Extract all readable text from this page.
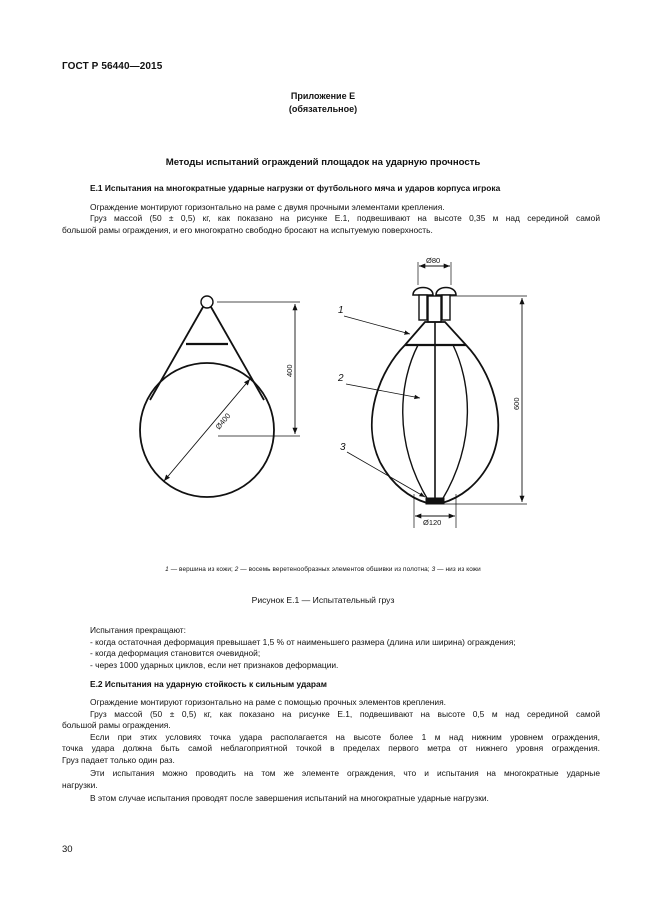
ГОСТ Р 56440—2015
Приложение Е
(обязательное)
Методы испытаний ограждений площадок на ударную прочность
Е.1 Испытания на многократные ударные нагрузки от футбольного мяча и ударов корпуса игрока
Ограждение монтируют горизонтально на раме с двумя прочными элементами крепления.
Груз массой (50 ± 0,5) кг, как показано на рисунке Е.1, подвешивают на высоте 0,35 м над серединой самой
большой рамы ограждения, и его многократно свободно бросают на испытуемую поверхность.
Ø400
400
Ø80
600
Ø120
1
2
3
1 — вершина из кожи; 2 — восемь веретенообразных элементов обшивки из полотна; 3 — низ из кожи
Рисунок Е.1 — Испытательный груз
Испытания прекращают:
- когда остаточная деформация превышает 1,5 % от наименьшего размера (длина или ширина) ограждения;
- когда деформация становится очевидной;
- через 1000 ударных циклов, если нет признаков деформации.
Е.2 Испытания на ударную стойкость к сильным ударам
Ограждение монтируют горизонтально на раме с помощью прочных элементов крепления.
Груз массой (50 ± 0,5) кг, как показано на рисунке Е.1, подвешивают на высоте 0,5 м над серединой самой
большой рамы ограждения.
Если при этих условиях точка удара располагается на высоте более 1 м над нижним уровнем ограждения,
точка удара должна быть самой неблагоприятной точкой в пределах первого метра от нижнего уровня ограждения.
Груз падает только один раз.
Эти испытания можно проводить на том же элементе ограждения, что и испытания на многократные ударные
нагрузки.
В этом случае испытания проводят после завершения испытаний на многократные ударные нагрузки.
30
